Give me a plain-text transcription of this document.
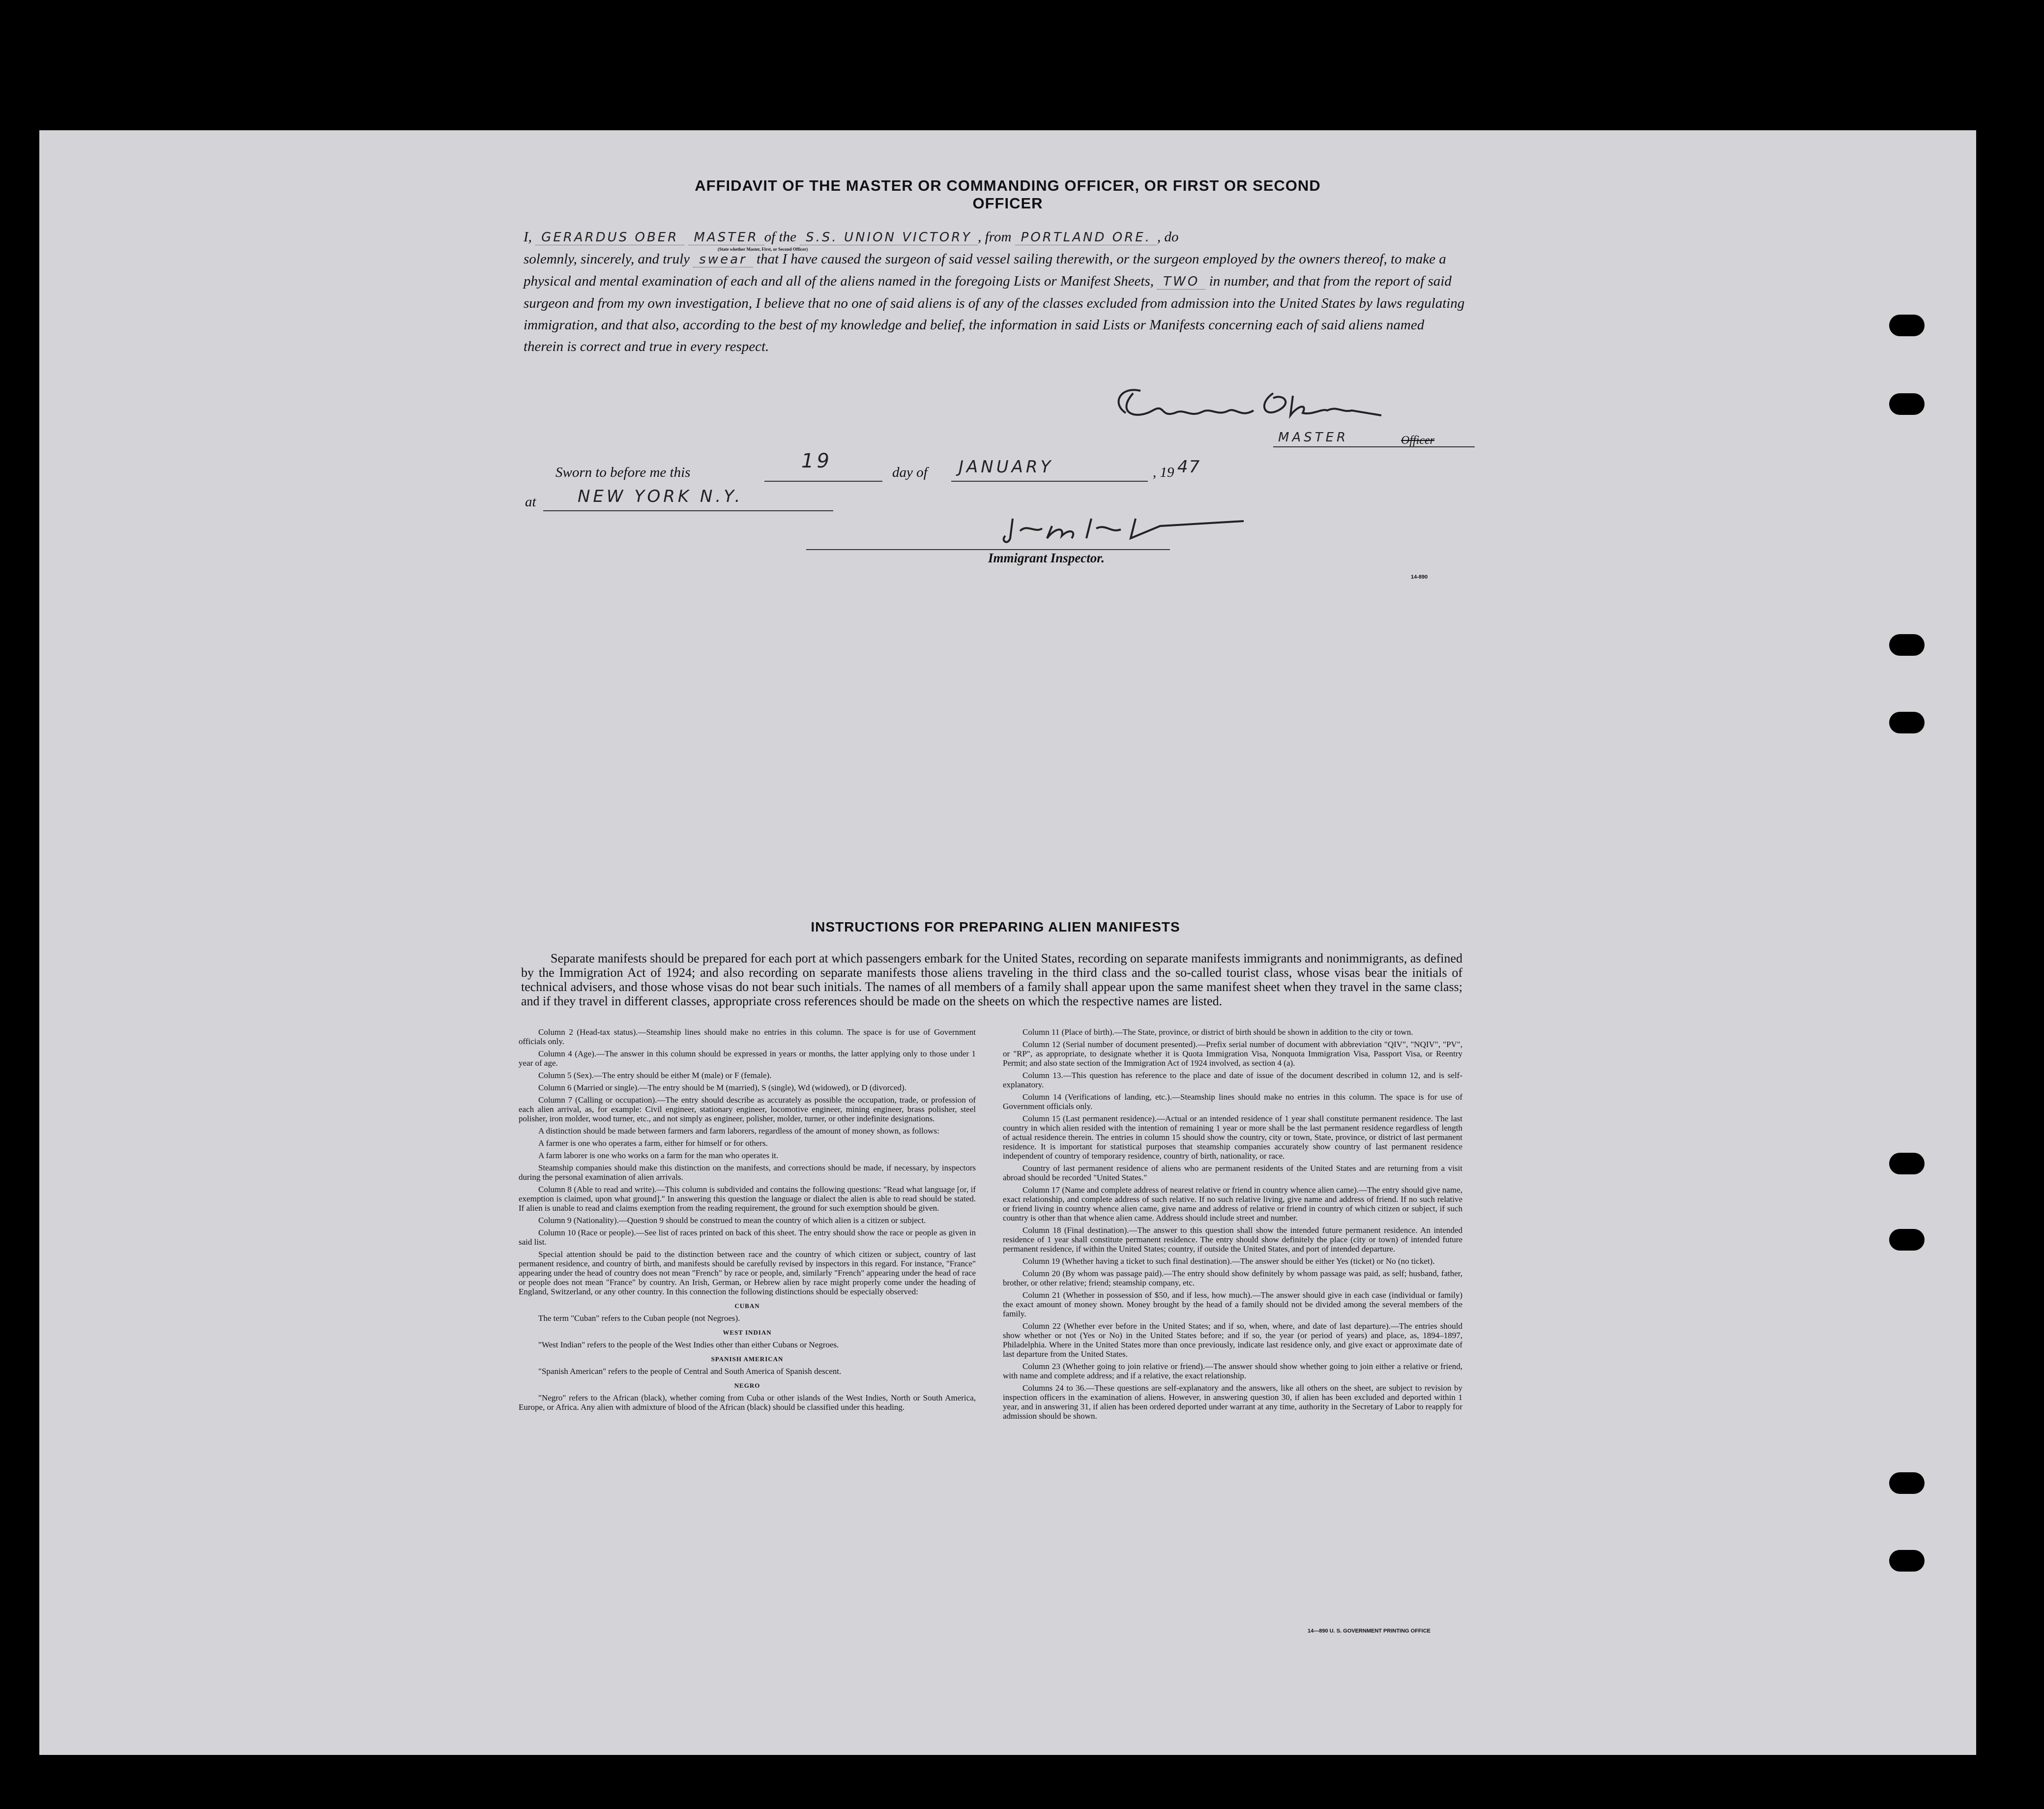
AFFIDAVIT OF THE MASTER OR COMMANDING OFFICER, OR FIRST OR SECOND OFFICER
I, GERARDUS OBER MASTER of the S.S. UNION VICTORY , from PORTLAND ORE. , do
solemnly, sincerely, and truly swear that I have caused the surgeon of said vessel sailing therewith, or the surgeon employed by the owners thereof, to make a physical and mental examination of each and all of the aliens named in the foregoing Lists or Manifest Sheets, TWO in number, and that from the report of said surgeon and from my own investigation, I believe that no one of said aliens is of any of the classes excluded from admission into the United States by laws regulating immigration, and that also, according to the best of my knowledge and belief, the information in said Lists or Manifests concerning each of said aliens named therein is correct and true in every respect.
(State whether Master, First, or Second Officer)
MASTER	Officer
Sworn to before me this	19	day of JANUARY	, 19 47
at NEW YORK N.Y.
Immigrant Inspector.
14-890
INSTRUCTIONS FOR PREPARING ALIEN MANIFESTS
Separate manifests should be prepared for each port at which passengers embark for the United States, recording on separate manifests immigrants and nonimmigrants, as defined by the Immigration Act of 1924; and also recording on separate manifests those aliens traveling in the third class and the so-called tourist class, whose visas bear the initials of technical advisers, and those whose visas do not bear such initials. The names of all members of a family shall appear upon the same manifest sheet when they travel in the same class; and if they travel in different classes, appropriate cross references should be made on the sheets on which the respective names are listed.

Column 2 (Head-tax status).—Steamship lines should make no entries in this column. The space is for use of Government officials only.

Column 4 (Age).—The answer in this column should be expressed in years or months, the latter applying only to those under 1 year of age.

Column 5 (Sex).—The entry should be either M (male) or F (female).

Column 6 (Married or single).—The entry should be M (married), S (single), Wd (widowed), or D (divorced).

Column 7 (Calling or occupation).—The entry should describe as accurately as possible the occupation, trade, or profession of each alien arrival, as, for example: Civil engineer, stationary engineer, locomotive engineer, mining engineer, brass polisher, steel polisher, iron molder, wood turner, etc., and not simply as engineer, polisher, molder, turner, or other indefinite designations.

A distinction should be made between farmers and farm laborers, regardless of the amount of money shown, as follows:

A farmer is one who operates a farm, either for himself or for others.

A farm laborer is one who works on a farm for the man who operates it.

Steamship companies should make this distinction on the manifests, and corrections should be made, if necessary, by inspectors during the personal examination of alien arrivals.

Column 8 (Able to read and write).—This column is subdivided and contains the following questions: "Read what language [or, if exemption is claimed, upon what ground]." In answering this question the language or dialect the alien is able to read should be stated. If alien is unable to read and claims exemption from the reading requirement, the ground for such exemption should be given.

Column 9 (Nationality).—Question 9 should be construed to mean the country of which alien is a citizen or subject.

Column 10 (Race or people).—See list of races printed on back of this sheet. The entry should show the race or people as given in said list.

Special attention should be paid to the distinction between race and the country of which citizen or subject, country of last permanent residence, and country of birth, and manifests should be carefully revised by inspectors in this regard. For instance, "France" appearing under the head of country does not mean "French" by race or people, and, similarly "French" appearing under the head of race or people does not mean "France" by country. An Irish, German, or Hebrew alien by race might properly come under the heading of England, Switzerland, or any other country. In this connection the following distinctions should be especially observed:

CUBAN

The term "Cuban" refers to the Cuban people (not Negroes).

WEST INDIAN

"West Indian" refers to the people of the West Indies other than either Cubans or Negroes.

SPANISH AMERICAN

"Spanish American" refers to the people of Central and South America of Spanish descent.

NEGRO

"Negro" refers to the African (black), whether coming from Cuba or other islands of the West Indies, North or South America, Europe, or Africa. Any alien with admixture of blood of the African (black) should be classified under this heading.

Column 11 (Place of birth).—The State, province, or district of birth should be shown in addition to the city or town.

Column 12 (Serial number of document presented).—Prefix serial number of document with abbreviation "QIV", "NQIV", "PV", or "RP", as appropriate, to designate whether it is Quota Immigration Visa, Nonquota Immigration Visa, Passport Visa, or Reentry Permit; and also state section of the Immigration Act of 1924 involved, as section 4 (a).

Column 13.—This question has reference to the place and date of issue of the document described in column 12, and is self-explanatory.

Column 14 (Verifications of landing, etc.).—Steamship lines should make no entries in this column. The space is for use of Government officials only.

Column 15 (Last permanent residence).—Actual or an intended residence of 1 year shall constitute permanent residence. The last country in which alien resided with the intention of remaining 1 year or more shall be the last permanent residence regardless of length of actual residence therein. The entries in column 15 should show the country, city or town, State, province, or district of last permanent residence. It is important for statistical purposes that steamship companies accurately show country of last permanent residence independent of country of temporary residence, country of birth, nationality, or race.

Country of last permanent residence of aliens who are permanent residents of the United States and are returning from a visit abroad should be recorded "United States."

Column 17 (Name and complete address of nearest relative or friend in country whence alien came).—The entry should give name, exact relationship, and complete address of such relative. If no such relative living, give name and address of friend. If no such relative or friend living in country whence alien came, give name and address of relative or friend in country of which citizen or subject, if such country is other than that whence alien came. Address should include street and number.

Column 18 (Final destination).—The answer to this question shall show the intended future permanent residence. An intended residence of 1 year shall constitute permanent residence. The entry should show definitely the place (city or town) of intended future permanent residence, if within the United States; country, if outside the United States, and port of intended departure.

Column 19 (Whether having a ticket to such final destination).—The answer should be either Yes (ticket) or No (no ticket).

Column 20 (By whom was passage paid).—The entry should show definitely by whom passage was paid, as self; husband, father, brother, or other relative; friend; steamship company, etc.

Column 21 (Whether in possession of $50, and if less, how much).—The answer should give in each case (individual or family) the exact amount of money shown. Money brought by the head of a family should not be divided among the several members of the family.

Column 22 (Whether ever before in the United States; and if so, when, where, and date of last departure).—The entries should show whether or not (Yes or No) in the United States before; and if so, the year (or period of years) and place, as, 1894–1897, Philadelphia. Where in the United States more than once previously, indicate last residence only, and give exact or approximate date of last departure from the United States.

Column 23 (Whether going to join relative or friend).—The answer should show whether going to join either a relative or friend, with name and complete address; and if a relative, the exact relationship.

Columns 24 to 36.—These questions are self-explanatory and the answers, like all others on the sheet, are subject to revision by inspection officers in the examination of aliens. However, in answering question 30, if alien has been excluded and deported within 1 year, and in answering 31, if alien has been ordered deported under warrant at any time, authority in the Secretary of Labor to reapply for admission should be shown.

14—890 U. S. GOVERNMENT PRINTING OFFICE
